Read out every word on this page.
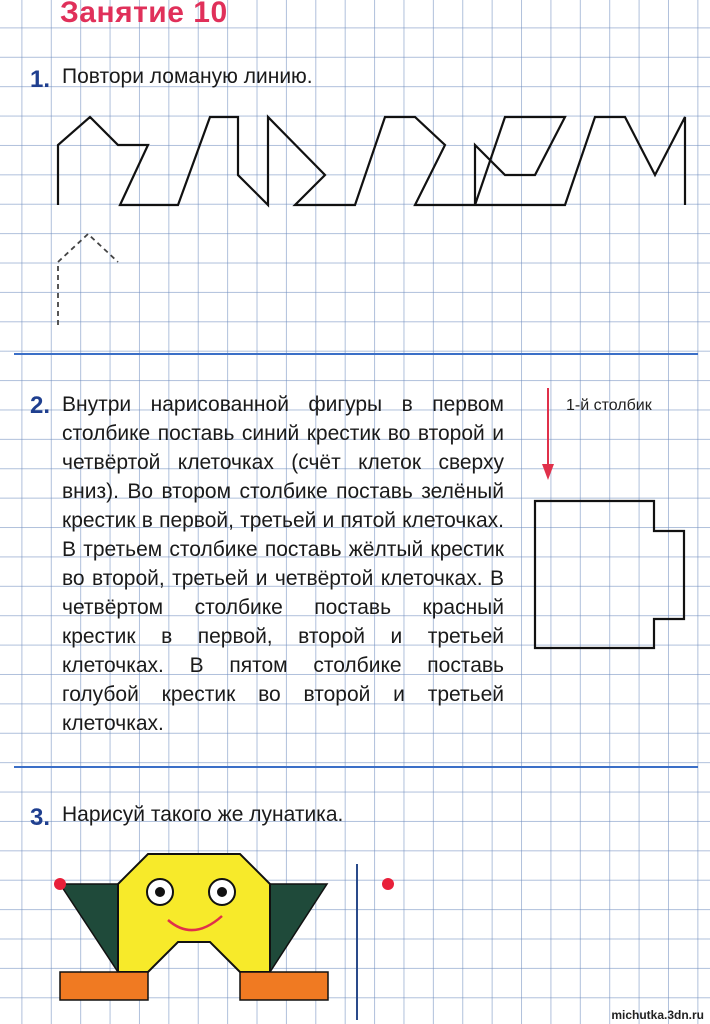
Занятие 10
1. Повтори ломаную линию.
2. Внутри нарисованной фигуры в первом столбике поставь синий крестик во второй и четвёртой клеточках (счёт клеток сверху вниз). Во втором столбике поставь зелёный крестик в первой, третьей и пятой клеточках. В третьем столбике поставь жёлтый крестик во второй, третьей и четвёртой клеточках. В четвёртом столбике поставь красный крестик в первой, второй и третьей клеточках. В пятом столбике поставь голубой крестик во второй и третьей клеточках.
1-й столбик
3. Нарисуй такого же лунатика.
michutka.3dn.ru
